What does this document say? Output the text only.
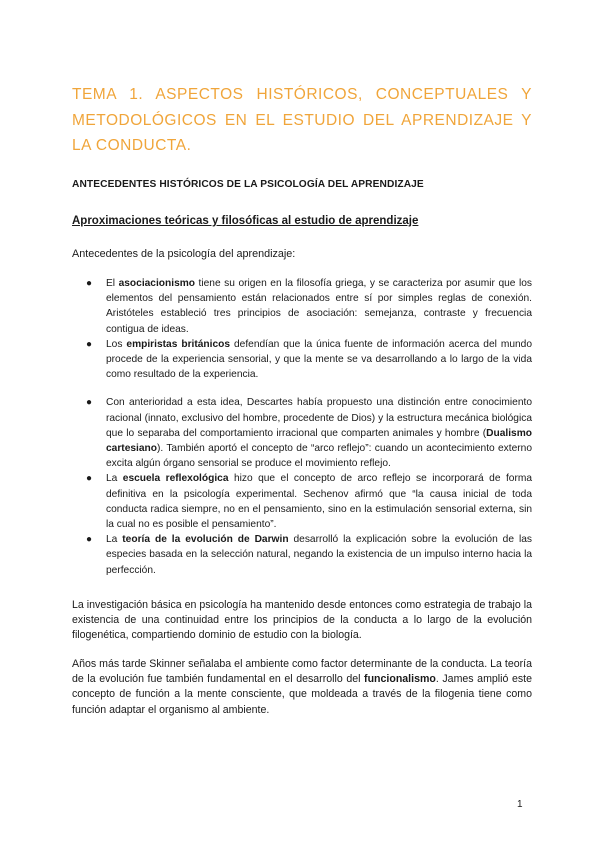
TEMA 1. ASPECTOS HISTÓRICOS, CONCEPTUALES Y METODOLÓGICOS EN EL ESTUDIO DEL APRENDIZAJE Y LA CONDUCTA.
ANTECEDENTES HISTÓRICOS DE LA PSICOLOGÍA DEL APRENDIZAJE
Aproximaciones teóricas y filosóficas al estudio de aprendizaje
Antecedentes de la psicología del aprendizaje:
● El asociacionismo tiene su origen en la filosofía griega, y se caracteriza por asumir que los elementos del pensamiento están relacionados entre sí por simples reglas de conexión. Aristóteles estableció tres principios de asociación: semejanza, contraste y frecuencia contigua de ideas.
● Los empiristas británicos defendían que la única fuente de información acerca del mundo procede de la experiencia sensorial, y que la mente se va desarrollando a lo largo de la vida como resultado de la experiencia.
● Con anterioridad a esta idea, Descartes había propuesto una distinción entre conocimiento racional (innato, exclusivo del hombre, procedente de Dios) y la estructura mecánica biológica que lo separaba del comportamiento irracional que comparten animales y hombre (Dualismo cartesiano). También aportó el concepto de “arco reflejo”: cuando un acontecimiento externo excita algún órgano sensorial se produce el movimiento reflejo.
● La escuela reflexológica hizo que el concepto de arco reflejo se incorporará de forma definitiva en la psicología experimental. Sechenov afirmó que “la causa inicial de toda conducta radica siempre, no en el pensamiento, sino en la estimulación sensorial externa, sin la cual no es posible el pensamiento”.
● La teoría de la evolución de Darwin desarrolló la explicación sobre la evolución de las especies basada en la selección natural, negando la existencia de un impulso interno hacia la perfección.

La investigación básica en psicología ha mantenido desde entonces como estrategia de trabajo la existencia de una continuidad entre los principios de la conducta a lo largo de la evolución filogenética, compartiendo dominio de estudio con la biología.

Años más tarde Skinner señalaba el ambiente como factor determinante de la conducta. La teoría de la evolución fue también fundamental en el desarrollo del funcionalismo. James amplió este concepto de función a la mente consciente, que moldeada a través de la filogenia tiene como función adaptar el organismo al ambiente.

1
